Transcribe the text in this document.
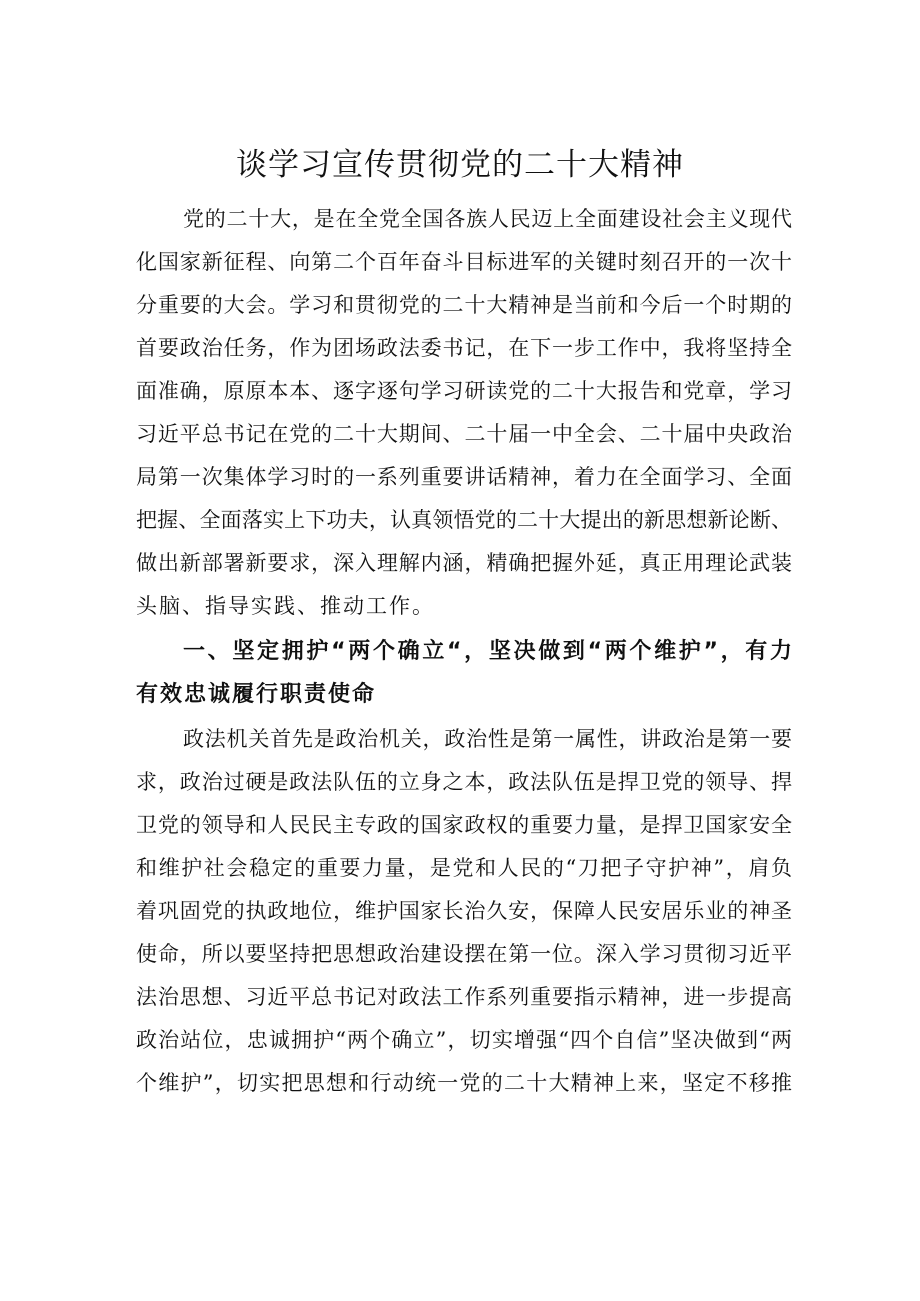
谈学习宣传贯彻党的二十大精神
党的二十大，是在全党全国各族人民迈上全面建设社会主义现代
化国家新征程、向第二个百年奋斗目标进军的关键时刻召开的一次十
分重要的大会。学习和贯彻党的二十大精神是当前和今后一个时期的
首要政治任务，作为团场政法委书记，在下一步工作中，我将坚持全
面准确，原原本本、逐字逐句学习研读党的二十大报告和党章，学习
习近平总书记在党的二十大期间、二十届一中全会、二十届中央政治
局第一次集体学习时的一系列重要讲话精神，着力在全面学习、全面
把握、全面落实上下功夫，认真领悟党的二十大提出的新思想新论断、
做出新部署新要求，深入理解内涵，精确把握外延，真正用理论武装
头脑、指导实践、推动工作。
一、坚定拥护“两个确立“，坚决做到“两个维护”，有力
有效忠诚履行职责使命
政法机关首先是政治机关，政治性是第一属性，讲政治是第一要
求，政治过硬是政法队伍的立身之本，政法队伍是捍卫党的领导、捍
卫党的领导和人民民主专政的国家政权的重要力量，是捍卫国家安全
和维护社会稳定的重要力量，是党和人民的“刀把子守护神”，肩负
着巩固党的执政地位，维护国家长治久安，保障人民安居乐业的神圣
使命，所以要坚持把思想政治建设摆在第一位。深入学习贯彻习近平
法治思想、习近平总书记对政法工作系列重要指示精神，进一步提高
政治站位，忠诚拥护“两个确立”，切实增强“四个自信”坚决做到“两
个维护”，切实把思想和行动统一党的二十大精神上来，坚定不移推
